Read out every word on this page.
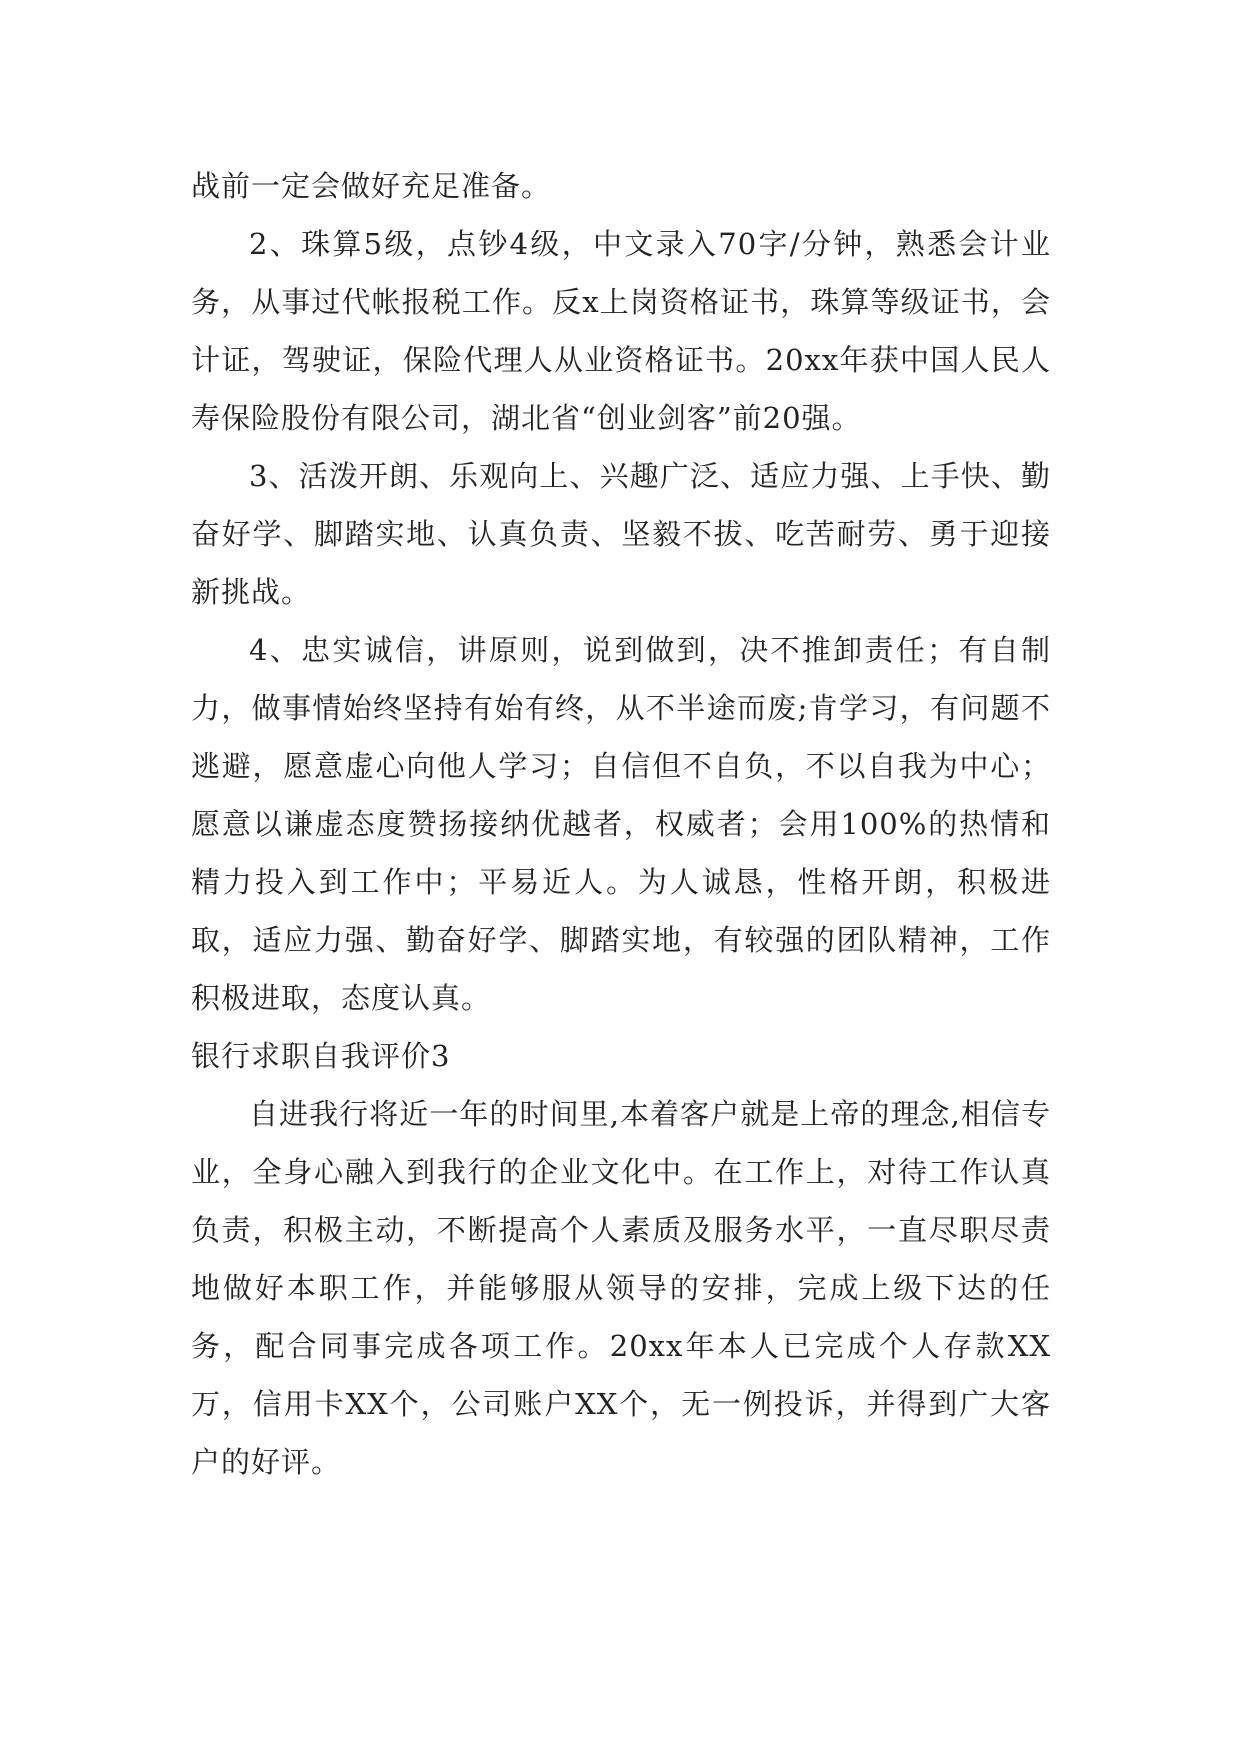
战前一定会做好充足准备。

2、珠算5级，点钞4级，中文录入70字/分钟，熟悉会计业务，从事过代帐报税工作。反x上岗资格证书，珠算等级证书，会计证，驾驶证，保险代理人从业资格证书。20xx年获中国人民人寿保险股份有限公司，湖北省“创业剑客”前20强。

3、活泼开朗、乐观向上、兴趣广泛、适应力强、上手快、勤奋好学、脚踏实地、认真负责、坚毅不拔、吃苦耐劳、勇于迎接新挑战。

4、忠实诚信，讲原则，说到做到，决不推卸责任；有自制力，做事情始终坚持有始有终，从不半途而废;肯学习，有问题不逃避，愿意虚心向他人学习；自信但不自负，不以自我为中心；愿意以谦虚态度赞扬接纳优越者，权威者；会用100%的热情和精力投入到工作中；平易近人。为人诚恳，性格开朗，积极进取，适应力强、勤奋好学、脚踏实地，有较强的团队精神，工作积极进取，态度认真。

银行求职自我评价3

自进我行将近一年的时间里,本着客户就是上帝的理念,相信专业，全身心融入到我行的企业文化中。在工作上，对待工作认真负责，积极主动，不断提高个人素质及服务水平，一直尽职尽责地做好本职工作，并能够服从领导的安排，完成上级下达的任务，配合同事完成各项工作。20xx年本人已完成个人存款XX万，信用卡XX个，公司账户XX个，无一例投诉，并得到广大客户的好评。
